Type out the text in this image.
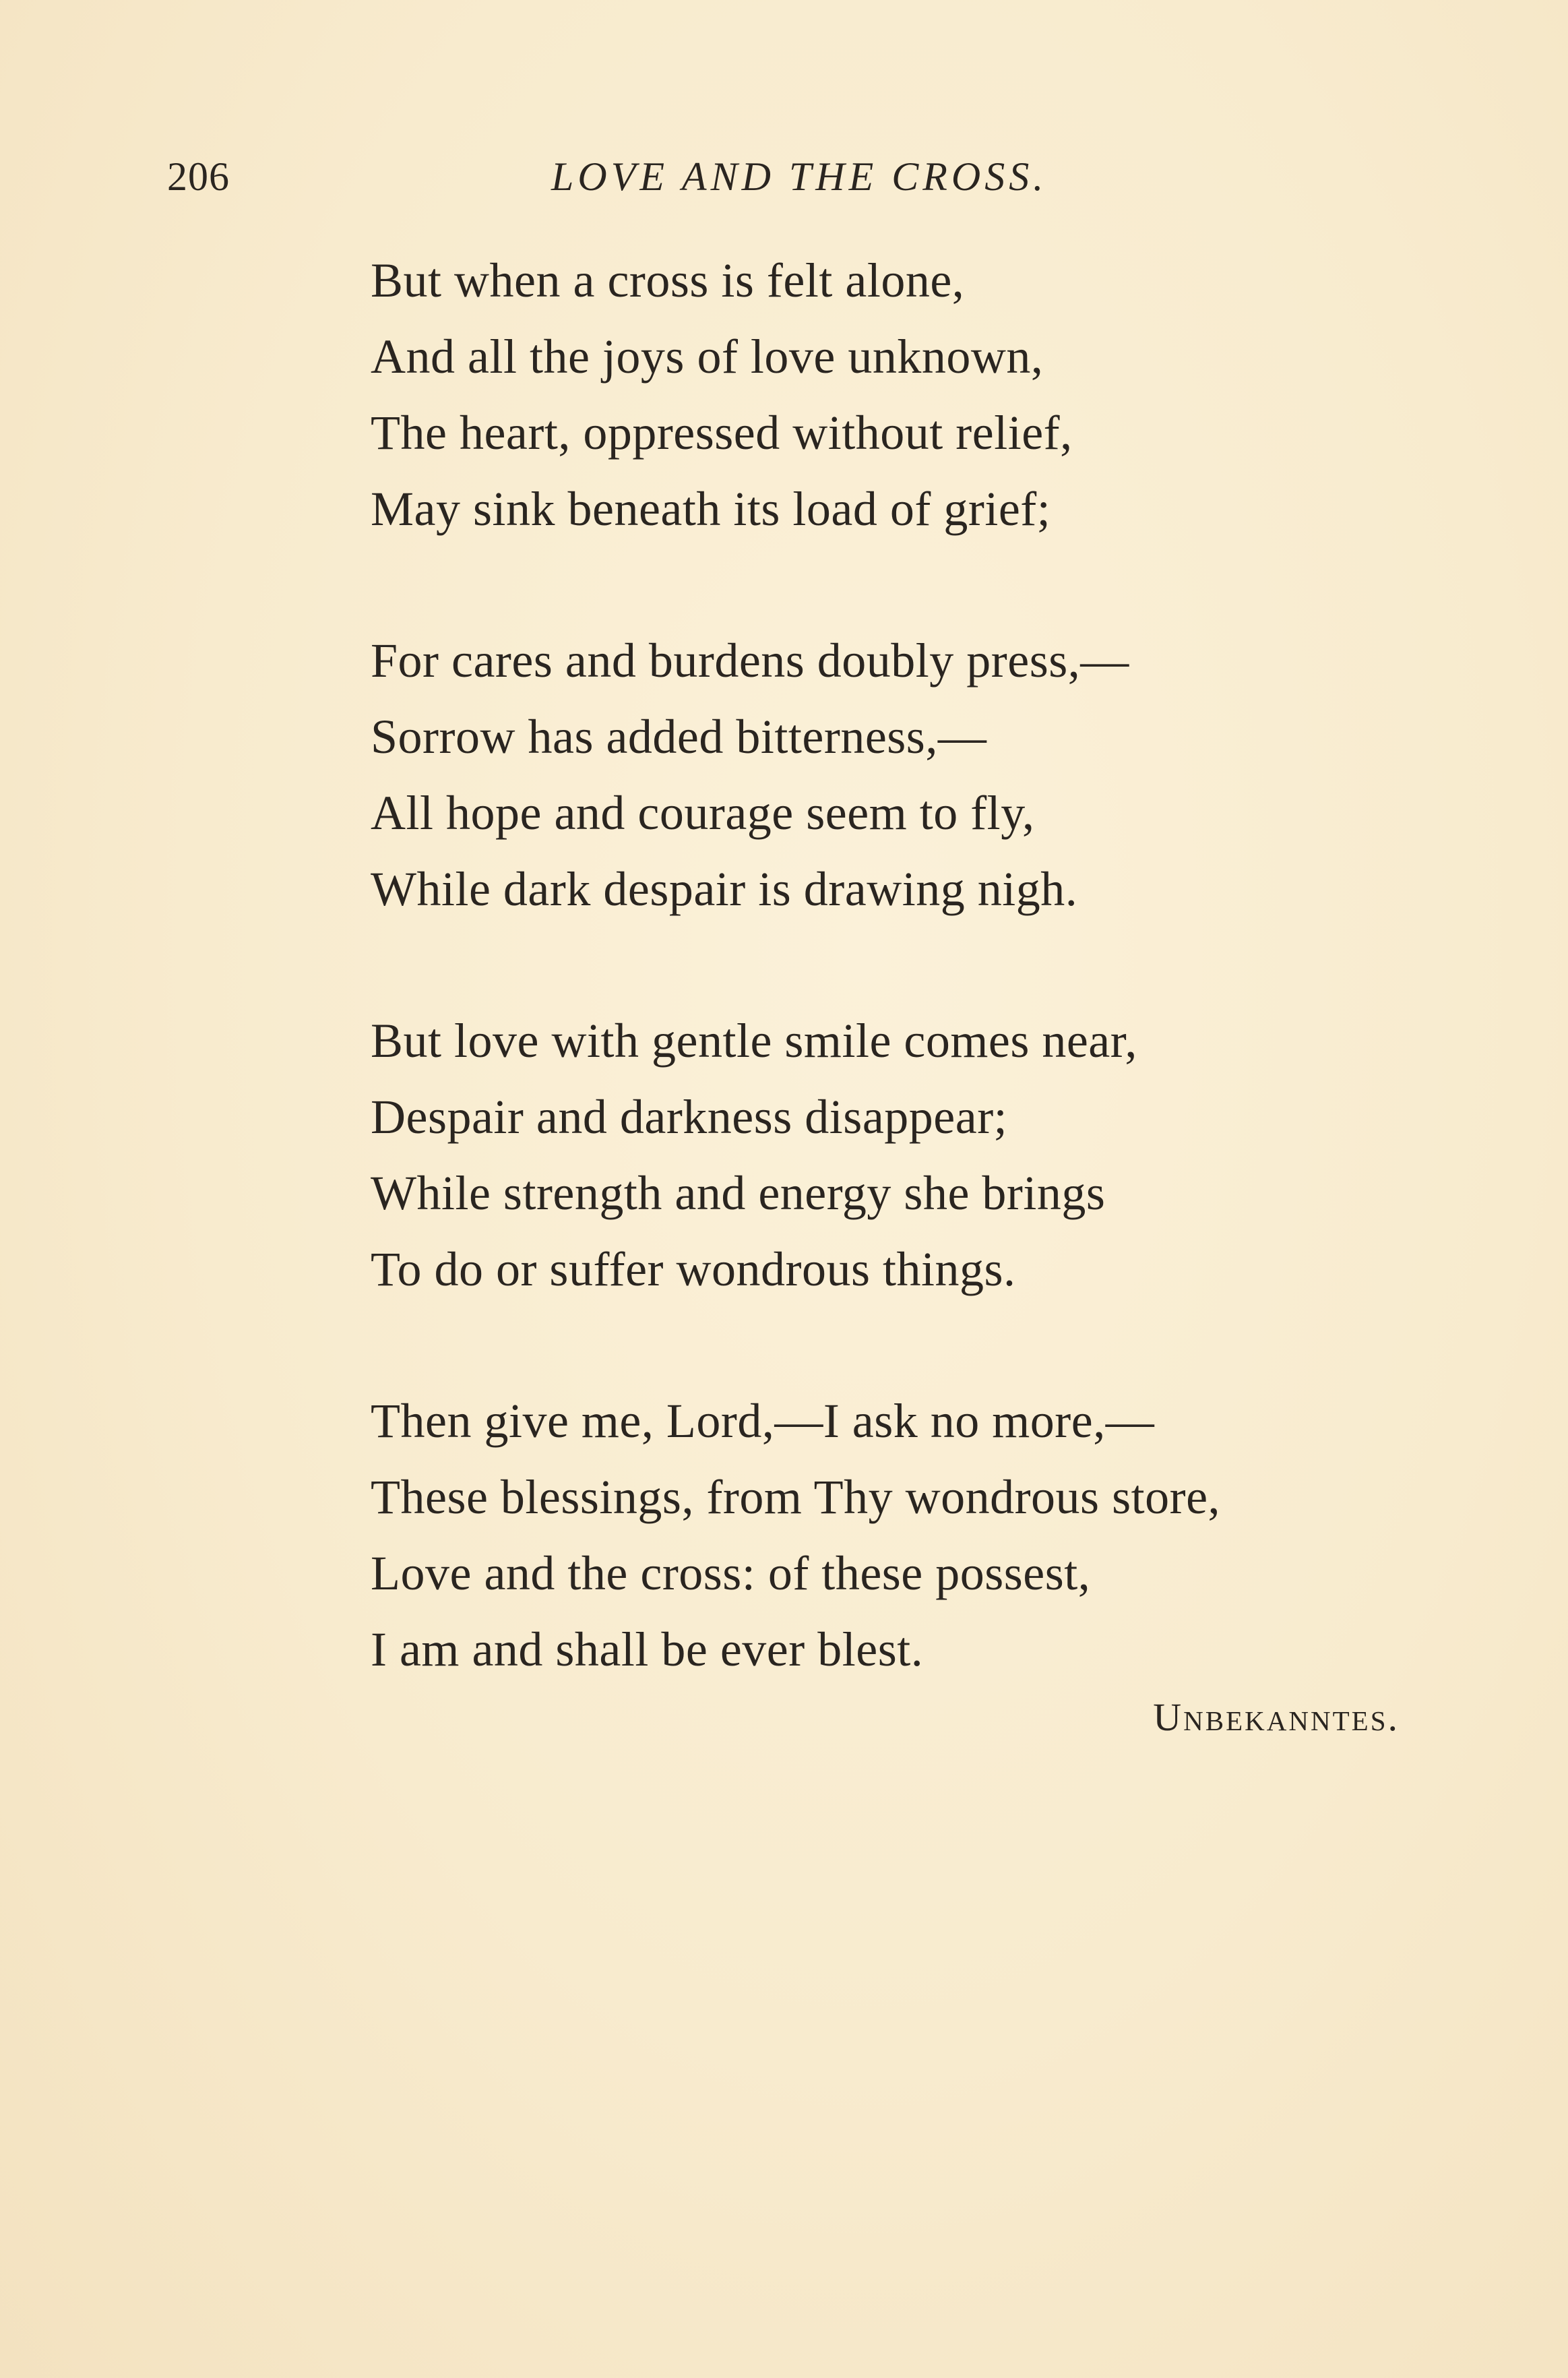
206	LOVE AND THE CROSS.
But when a cross is felt alone,
And all the joys of love unknown,
The heart, oppressed without relief,
May sink beneath its load of grief;
For cares and burdens doubly press,—
Sorrow has added bitterness,—
All hope and courage seem to fly,
While dark despair is drawing nigh.
But love with gentle smile comes near,
Despair and darkness disappear;
While strength and energy she brings
To do or suffer wondrous things.
Then give me, Lord,—I ask no more,—
These blessings, from Thy wondrous store,
Love and the cross: of these possest,
I am and shall be ever blest.
Unbekanntes.
